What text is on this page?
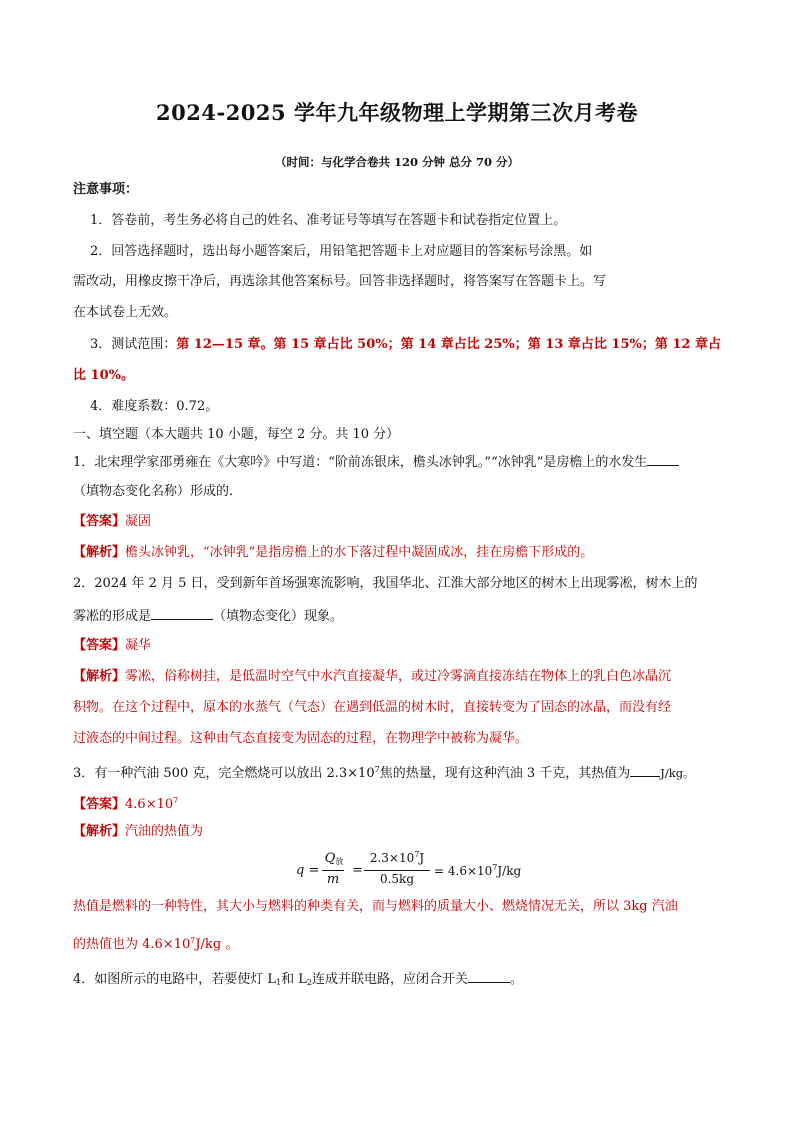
2024-2025 学年九年级物理上学期第三次月考卷
（时间：与化学合卷共 120 分钟 总分 70 分）
注意事项：
1．答卷前，考生务必将自己的姓名、准考证号等填写在答题卡和试卷指定位置上。
2．回答选择题时，选出每小题答案后，用铅笔把答题卡上对应题目的答案标号涂黑。如
需改动，用橡皮擦干净后，再选涂其他答案标号。回答非选择题时，将答案写在答题卡上。写
在本试卷上无效。
3．测试范围：第 12—15 章。第 15 章占比 50%；第 14 章占比 25%；第 13 章占比 15%；第 12 章占
比 10%。
4．难度系数：0.72。
一、填空题（本大题共 10 小题，每空 2 分。共 10 分）
1．北宋理学家邵勇雍在《大寒吟》中写道：“阶前冻银床，檐头冰钟乳。”“冰钟乳”是房檐上的水发生
（填物态变化名称）形成的．
【答案】凝固
【解析】檐头冰钟乳，“冰钟乳”是指房檐上的水下落过程中凝固成冰，挂在房檐下形成的。
2．2024 年 2 月 5 日，受到新年首场强寒流影响，我国华北、江淮大部分地区的树木上出现雾凇，树木上的
雾凇的形成是	（填物态变化）现象。
【答案】凝华
【解析】雾凇，俗称树挂，是低温时空气中水汽直接凝华，或过冷雾滴直接冻结在物体上的乳白色冰晶沉
积物。在这个过程中，原本的水蒸气（气态）在遇到低温的树木时，直接转变为了固态的冰晶，而没有经
过液态的中间过程。这种由气态直接变为固态的过程，在物理学中被称为凝华。
3．有一种汽油 500 克，完全燃烧可以放出 $2.3\times 10^7$焦的热量，现有这种汽油 3 千克，其热值为	J/kg。
【答案】$4.6\times 10^7$
【解析】汽油的热值为
q =
$Q_放$
m
=
$2.3\times 10^7J$
0.5kg
= $4.6\times 10^7J/kg$
热值是燃料的一种特性，其大小与燃料的种类有关，而与燃料的质量大小、燃烧情况无关，所以 3kg 汽油
的热值也为 $4.6\times 10^7J/kg$ 。
4．如图所示的电路中，若要使灯 $L_1$和 $L_2$连成并联电路，应闭合开关	。
